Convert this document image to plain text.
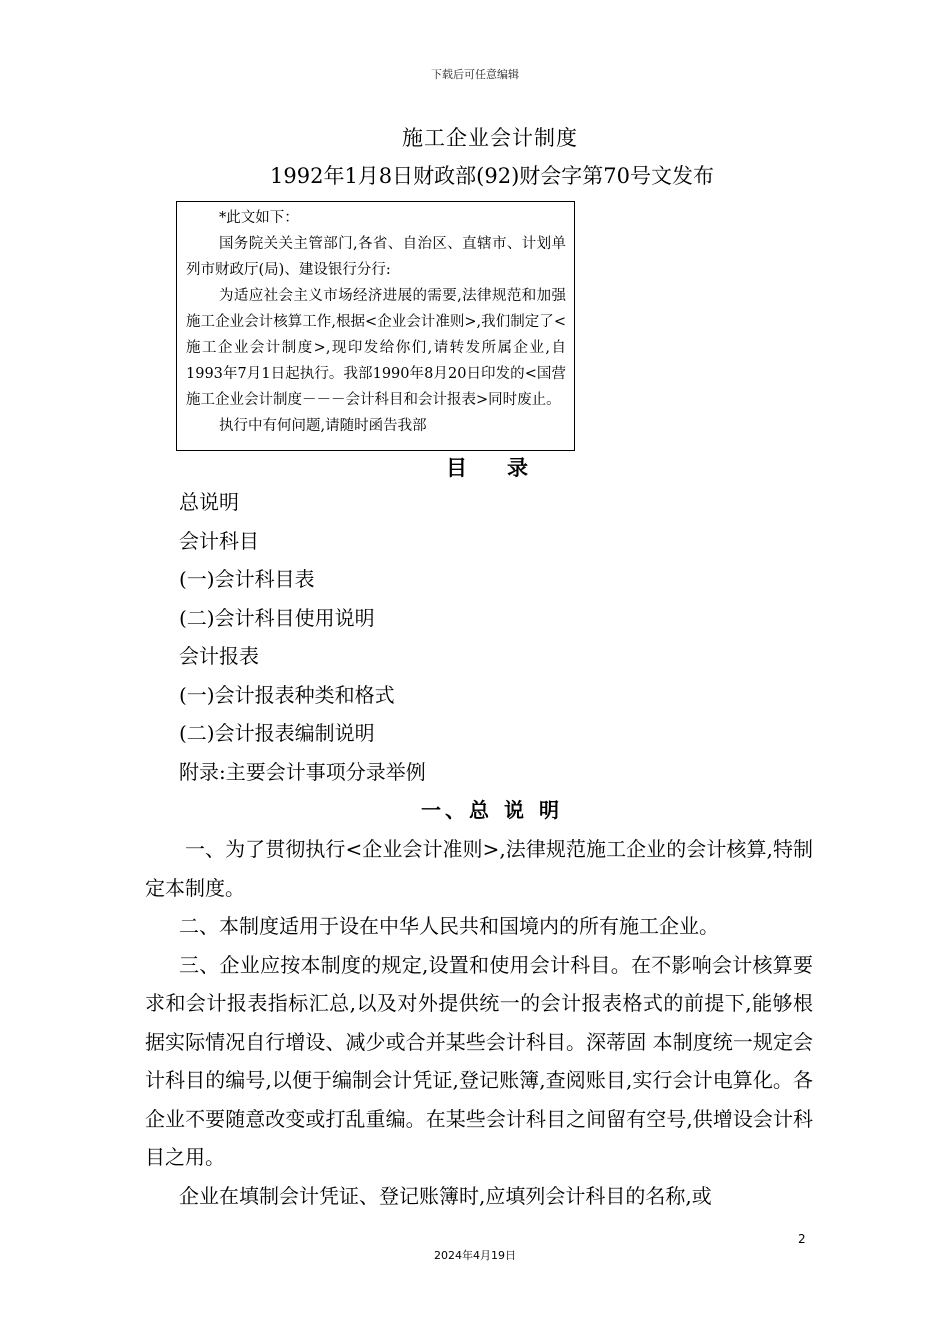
下载后可任意编辑
施工企业会计制度
1992年1月8日财政部(92)财会字第70号文发布

*此文如下：

国务院关关主管部门,各省、自治区、直辖市、计划单列市财政厅(局)、建设银行分行:

为适应社会主义市场经济进展的需要,法律规范和加强施工企业会计核算工作,根据<企业会计准则>,我们制定了<施工企业会计制度>,现印发给你们,请转发所属企业,自1993年7月1日起执行。我部1990年8月20日印发的<国营施工企业会计制度－－－会计科目和会计报表>同时废止。

执行中有何问题,请随时函告我部

目录
总说明
会计科目
(一)会计科目表
(二)会计科目使用说明
会计报表
(一)会计报表种类和格式
(二)会计报表编制说明
附录:主要会计事项分录举例
一、总 说 明

一、为了贯彻执行<企业会计准则>,法律规范施工企业的会计核算,特制定本制度。

二、本制度适用于设在中华人民共和国境内的所有施工企业。

三、企业应按本制度的规定,设置和使用会计科目。在不影响会计核算要求和会计报表指标汇总,以及对外提供统一的会计报表格式的前提下,能够根据实际情况自行增设、减少或合并某些会计科目。深蒂固 本制度统一规定会计科目的编号,以便于编制会计凭证,登记账簿,查阅账目,实行会计电算化。各企业不要随意改变或打乱重编。在某些会计科目之间留有空号,供增设会计科目之用。

企业在填制会计凭证、登记账簿时,应填列会计科目的名称,或

2
2024年4月19日
